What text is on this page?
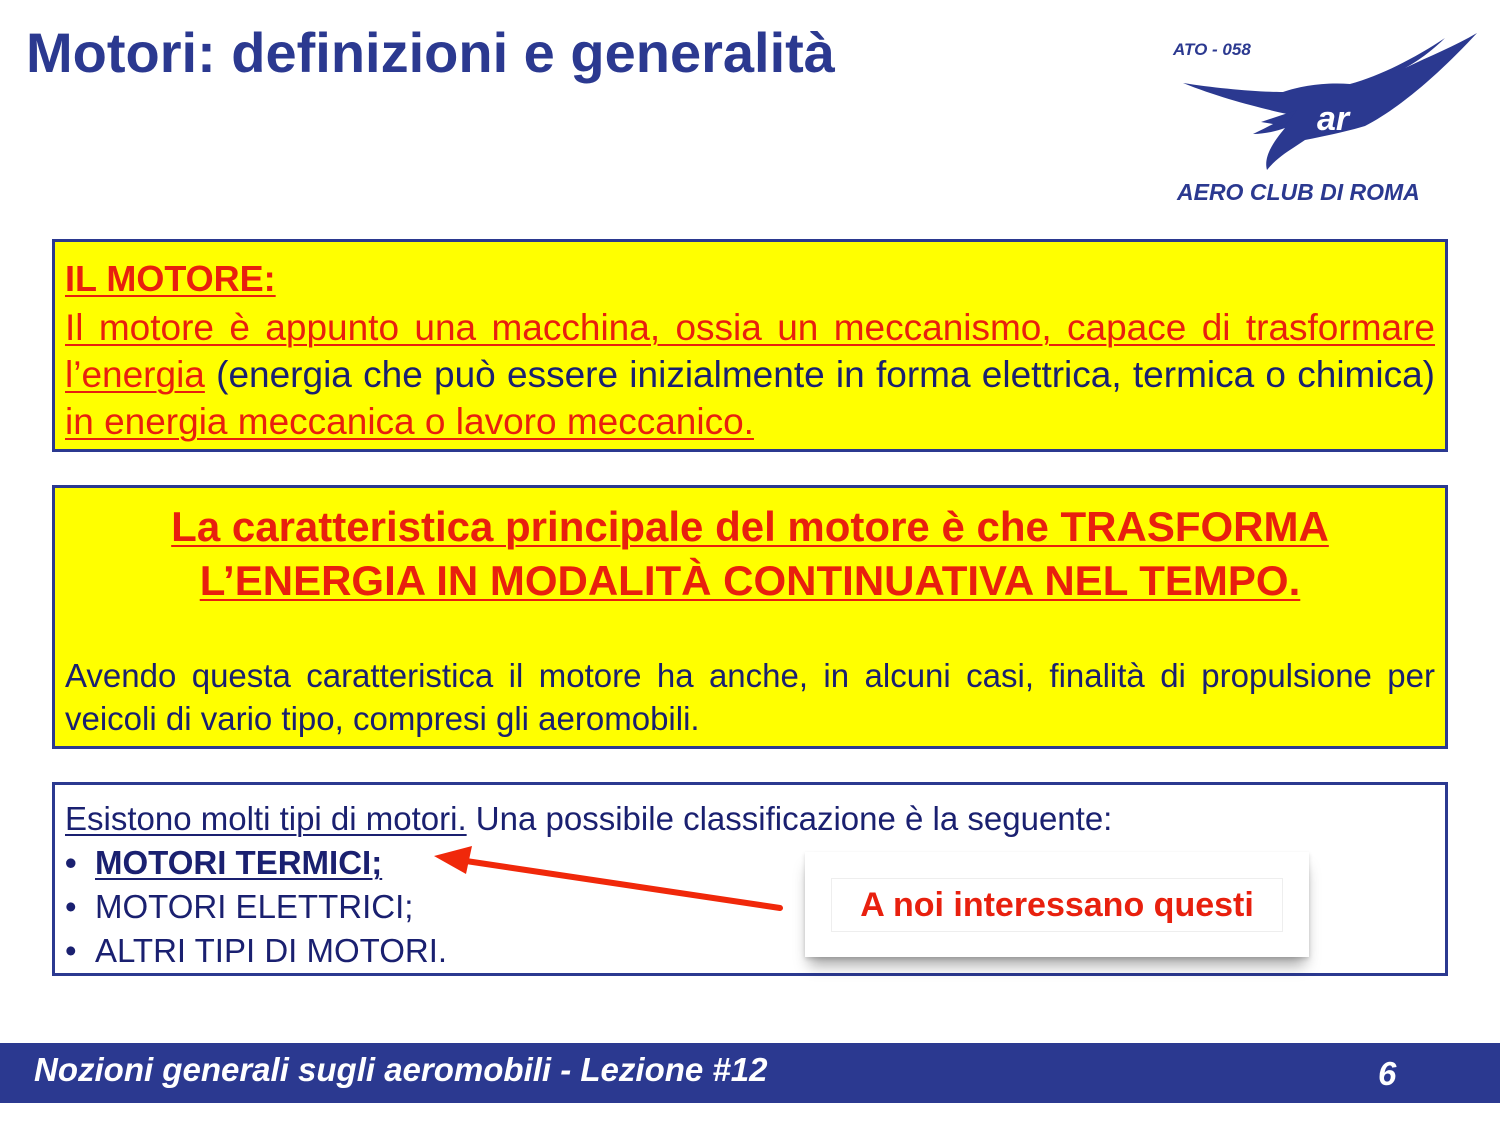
Motori: definizioni e generalità	ATO - 058
ar
AERO CLUB DI ROMA
IL MOTORE:
Il motore è appunto una macchina, ossia un meccanismo, capace di trasformare l’energia (energia che può essere inizialmente in forma elettrica, termica o chimica) in energia meccanica o lavoro meccanico.
La caratteristica principale del motore è che TRASFORMA L’ENERGIA IN MODALITÀ CONTINUATIVA NEL TEMPO.
Avendo questa caratteristica il motore ha anche, in alcuni casi, finalità di propulsione per veicoli di vario tipo, compresi gli aeromobili.
Esistono molti tipi di motori. Una possibile classificazione è la seguente:
• MOTORI TERMICI;
• MOTORI ELETTRICI;
• ALTRI TIPI DI MOTORI.
A noi interessano questi
Nozioni generali sugli aeromobili - Lezione #12	6
